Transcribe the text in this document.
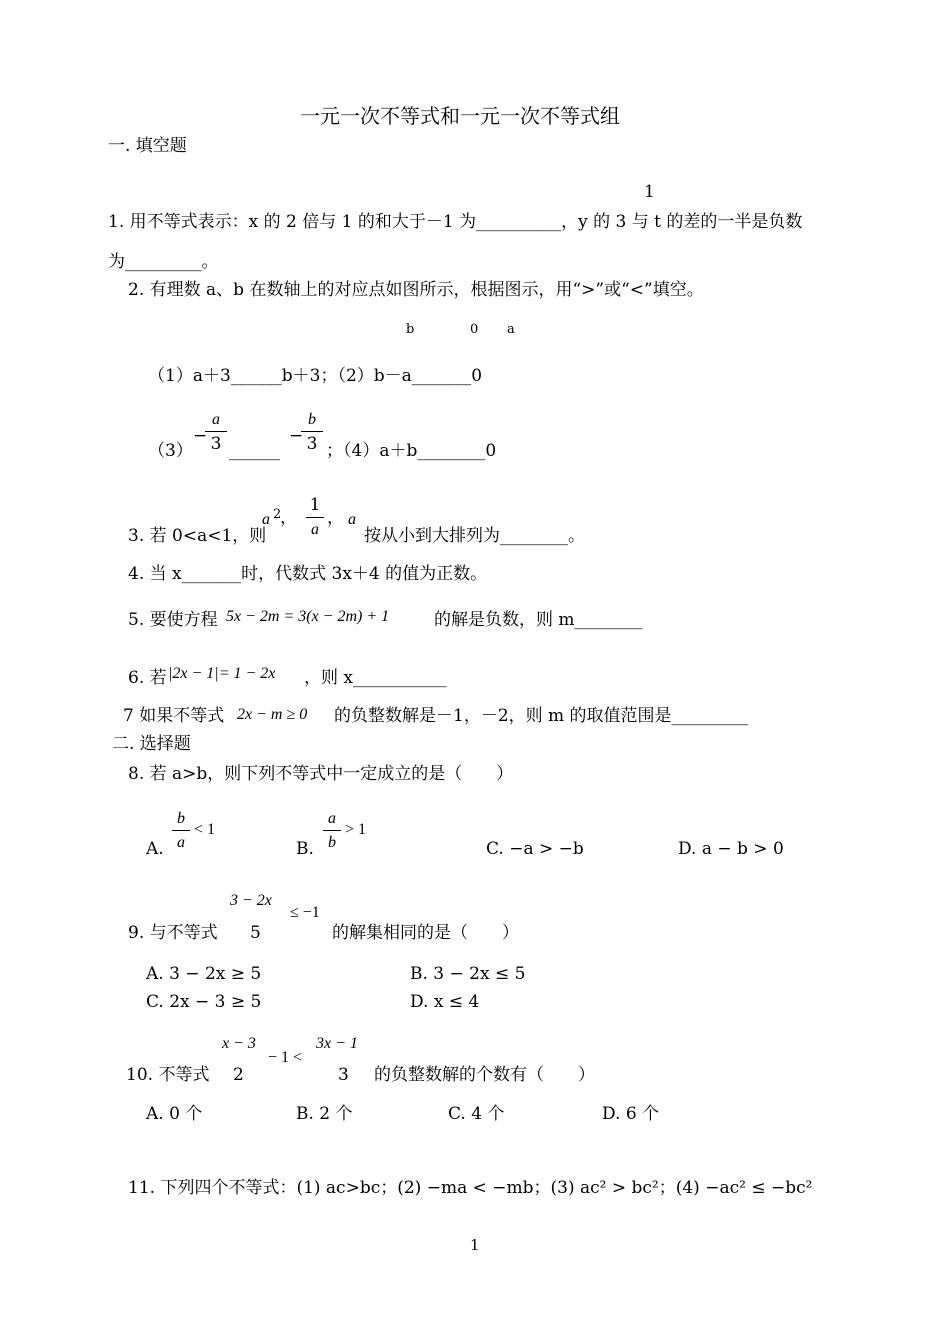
一元一次不等式和一元一次不等式组
一. 填空题
1
1. 用不等式表示：x 的 2 倍与 1 的和大于－1 为__________，y 的 3 与 t 的差的一半是负数
为_________。
2. 有理数 a、b 在数轴上的对应点如图所示，根据图示，用“>”或“<”填空。
b	0 a
（1）a＋3______b＋3；（2）b－a_______0
（3）
−
a
3 ______
−
b
3 ；（4）a＋b________0
3. 若 0<a<1，则
a 2
，
1
a
， a
按从小到大排列为________。
4. 当 x_______时，代数式 3x＋4 的值为正数。
5. 要使方程 5x − 2m = 3(x − 2m) + 1	的解是负数，则 m________
6. 若 |2x − 1|= 1 − 2x ，则 x___________
7 如果不等式 2x − m ≥ 0 的负整数解是－1，－2，则 m 的取值范围是_________
二. 选择题
8. 若 a>b，则下列不等式中一定成立的是（　　）
A.
b
a
< 1
B.
a
b
> 1
C. −a > −b	D. a − b > 0
9. 与不等式
3 − 2x
5
≤ −1
的解集相同的是（　　）
A. 3 − 2x ≥ 5	B. 3 − 2x ≤ 5
C. 2x − 3 ≥ 5	D. x ≤ 4
10. 不等式
x − 3
2
− 1 <
3x − 1
3 的负整数解的个数有（　　）
A. 0 个	B. 2 个	C. 4 个	D. 6 个
11. 下列四个不等式：(1) ac>bc；(2) −ma < −mb；(3) ac² > bc²；(4) −ac² ≤ −bc²
1
